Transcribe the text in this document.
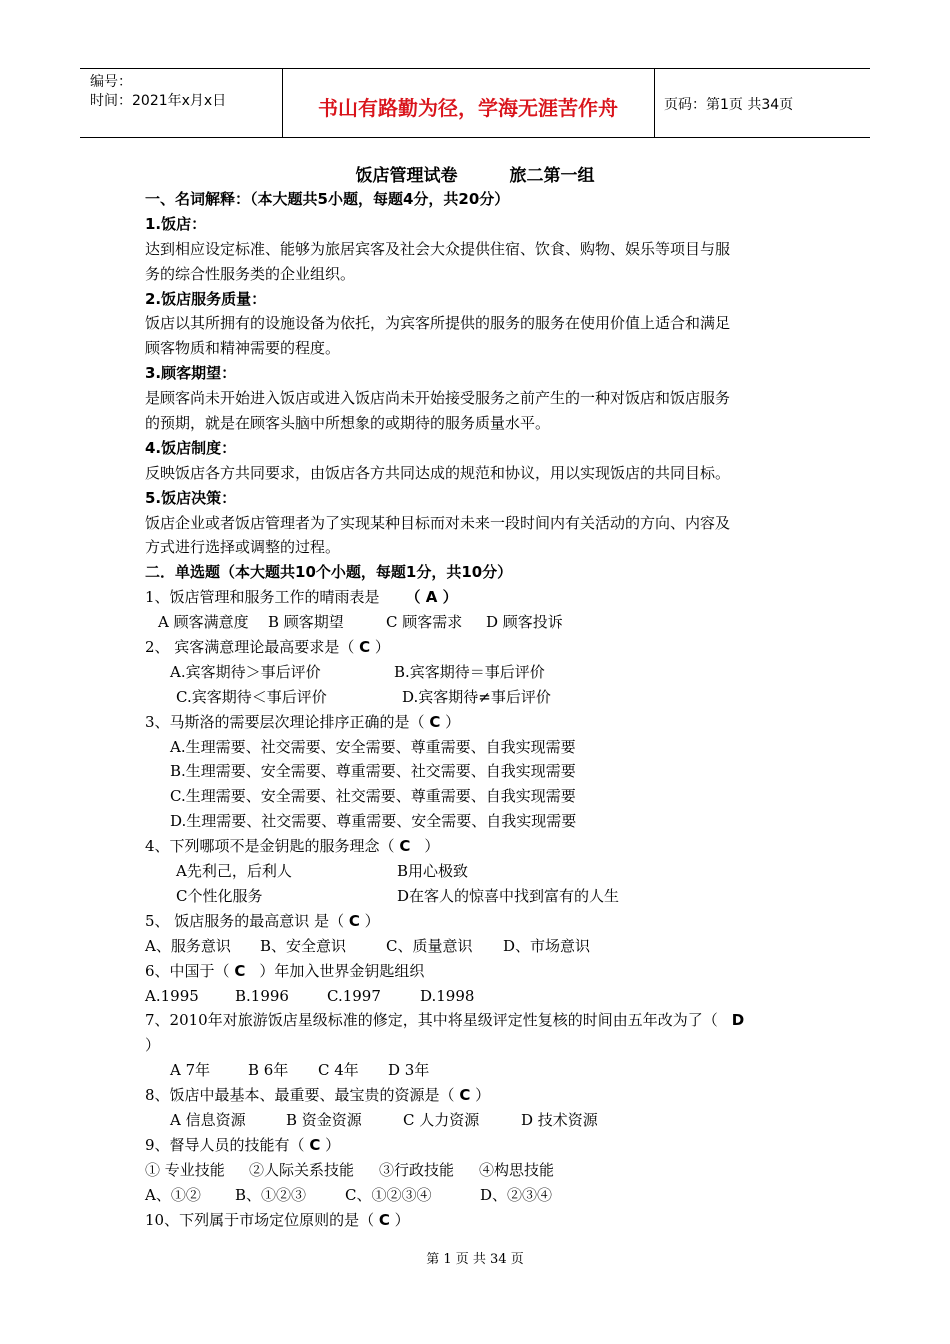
编号：
时间：2021年x月x日	书山有路勤为径，学海无涯苦作舟	页码：第1页 共34页
饭店管理试卷	旅二第一组
一、名词解释：（本大题共5小题，每题4分，共20分）
1.饭店：
达到相应设定标准、能够为旅居宾客及社会大众提供住宿、饮食、购物、娱乐等项目与服
务的综合性服务类的企业组织。
2.饭店服务质量：
饭店以其所拥有的设施设备为依托，为宾客所提供的服务的服务在使用价值上适合和满足
顾客物质和精神需要的程度。
3.顾客期望：
是顾客尚未开始进入饭店或进入饭店尚未开始接受服务之前产生的一种对饭店和饭店服务
的预期，就是在顾客头脑中所想象的或期待的服务质量水平。
4.饭店制度：
反映饭店各方共同要求，由饭店各方共同达成的规范和协议，用以实现饭店的共同目标。
5.饭店决策：
饭店企业或者饭店管理者为了实现某种目标而对未来一段时间内有关活动的方向、内容及
方式进行选择或调整的过程。
二．单选题（本大题共10个小题，每题1分，共10分）
1、饭店管理和服务工作的晴雨表是 （ A ）
A 顾客满意度 B 顾客期望	C 顾客需求 D 顾客投诉
2、 宾客满意理论最高要求是（ C ）
A.宾客期待＞事后评价	B.宾客期待＝事后评价
C.宾客期待＜事后评价	D.宾客期待≠事后评价
3、马斯洛的需要层次理论排序正确的是（ C ）
A.生理需要、社交需要、安全需要、尊重需要、自我实现需要
B.生理需要、安全需要、尊重需要、社交需要、自我实现需要
C.生理需要、安全需要、社交需要、尊重需要、自我实现需要
D.生理需要、社交需要、尊重需要、安全需要、自我实现需要
4、下列哪项不是金钥匙的服务理念（ C ）
A先利己，后利人	B用心极致
C个性化服务	D在客人的惊喜中找到富有的人生
5、 饭店服务的最高意识 是（ C ）
A、服务意识 B、安全意识	C、质量意识 D、市场意识
6、中国于（ C ）年加入世界金钥匙组织
A.1995 B.1996	C.1997	D.1998
7、2010年对旅游饭店星级标准的修定，其中将星级评定性复核的时间由五年改为了（ D
）
A 7年	B 6年 C 4年 D 3年
8、饭店中最基本、最重要、最宝贵的资源是（ C ）
A 信息资源	B 资金资源	C 人力资源	D 技术资源
9、督导人员的技能有（ C ）
① 专业技能 ②人际关系技能 ③行政技能 ④构思技能
A、①② B、①②③	C、①②③④	D、②③④
10、下列属于市场定位原则的是（ C ）
第 1 页 共 34 页
